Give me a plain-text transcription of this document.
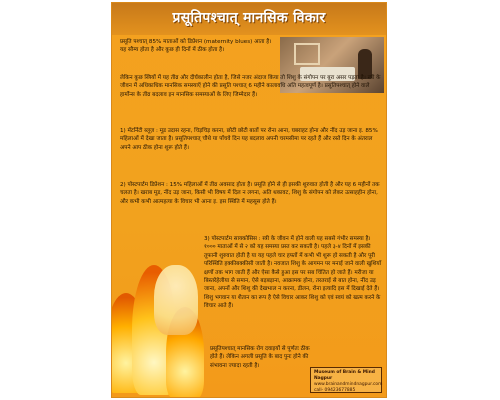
प्रसूतिपश्चात् मानसिक विकार
प्रसूति पश्चात् 85% माताओं को डिप्रेशन (maternity blues) आता है। यह सौम्य होता है और कुछ ही दिनों में ठीक होता है।
लेकिन कुछ स्त्रियों में यह तीव्र और दीर्घकालीन होता है, जिसे नजर अंदाज किया तो शिशु के संगोपन पर बुरा असर पड़ता है। स्त्री के जीवन में अधिकाधिक मानसिक समस्याएँ होने की प्रसूति पश्चात् 6 महीने कालावधि अति महत्वपूर्ण है। प्रसूतिपश्चात् होने वाले हार्मोन्स के तीव्र बदलाव इन मानसिक समस्याओं के लिए जिम्मेदार हैं।
1) मॅटर्निटी ब्लूज़ : मूड उदास रहना, चिड़चिड़ करना, छोटी छोटी बातों पर रोना आना, घबराहट होना और नींद उड़ जाना इ. 85% महिलाओं में देखा जाता है। प्रसूतिपश्चात् चौथे या पाँचवे दिन यह बदलाव अपनी चरमसीमा पर रहते हैं और रस्ते दिन के अंतराल अपने आप ठीक होना शुरू होते हैं।
2) पोस्टपार्टम डिप्रेशन : 15% महिलाओं में तीव्र अवसाद होता है। प्रसूति होने से ही इसकी शुरुवात होती है और यह 6 महीनों तक चलता है। खराब मूड, नींद उड़ जाना, किसी भी विषय में दिल न लगना, अति थकावट, शिशु के संगोपन को लेकर उत्साहहीन होना, और कभी कभी आत्महत्या के विचार भी आना इ. इस स्थिति में महसूस होते हैं।
3) पोस्टपार्टम सायकोसिस : स्त्री के जीवन में होने वाली यह सबसे गंभीर समस्या है। १००० माताओं में से २ को यह समस्या प्रस्त कर सकती है। पहले ३-४ दिनों में इसकी तूफानी शुरुवात होती है या यह पहले चार हफ्तों में कभी भी शुरू हो सकती है और पूरी परिस्थिति हक्कीबक्कीसी जाती है। नवजात शिशु के आगमन पर मनाई जाने वाली खुशियाँ क्षणों तक भाग जाती हैं और ऐसा कैसे हुआ इस पर सब चिंतित हो जाते हैं। मरीजा या बिस्तरेहेलीया से समान, ऐसे बड़बड़ाना, आक्रामक होना, तरतराई से बात होना, नींद उड़ जाना, अपनों और शिशु की देखभाल न करना, डीलन, रोना इत्यादि इस में दिखाई देते हैं। शिशु भगवान या शैतान का रूप है ऐसे विचार आकर शिशु को एवं स्वयं को खत्म करने के विचार आते हैं।
प्रसूतिपश्चात् मानसिक रोग दवाइयों से पूर्णतः ठीक होते हैं। लेकिन अगली प्रसूति के बाद पुनः होने की संभावना ज्यादा रहती है।
Museum of Brain & Mind Nagpur
www.brainandmindnagpur.com
call- 09423677885
